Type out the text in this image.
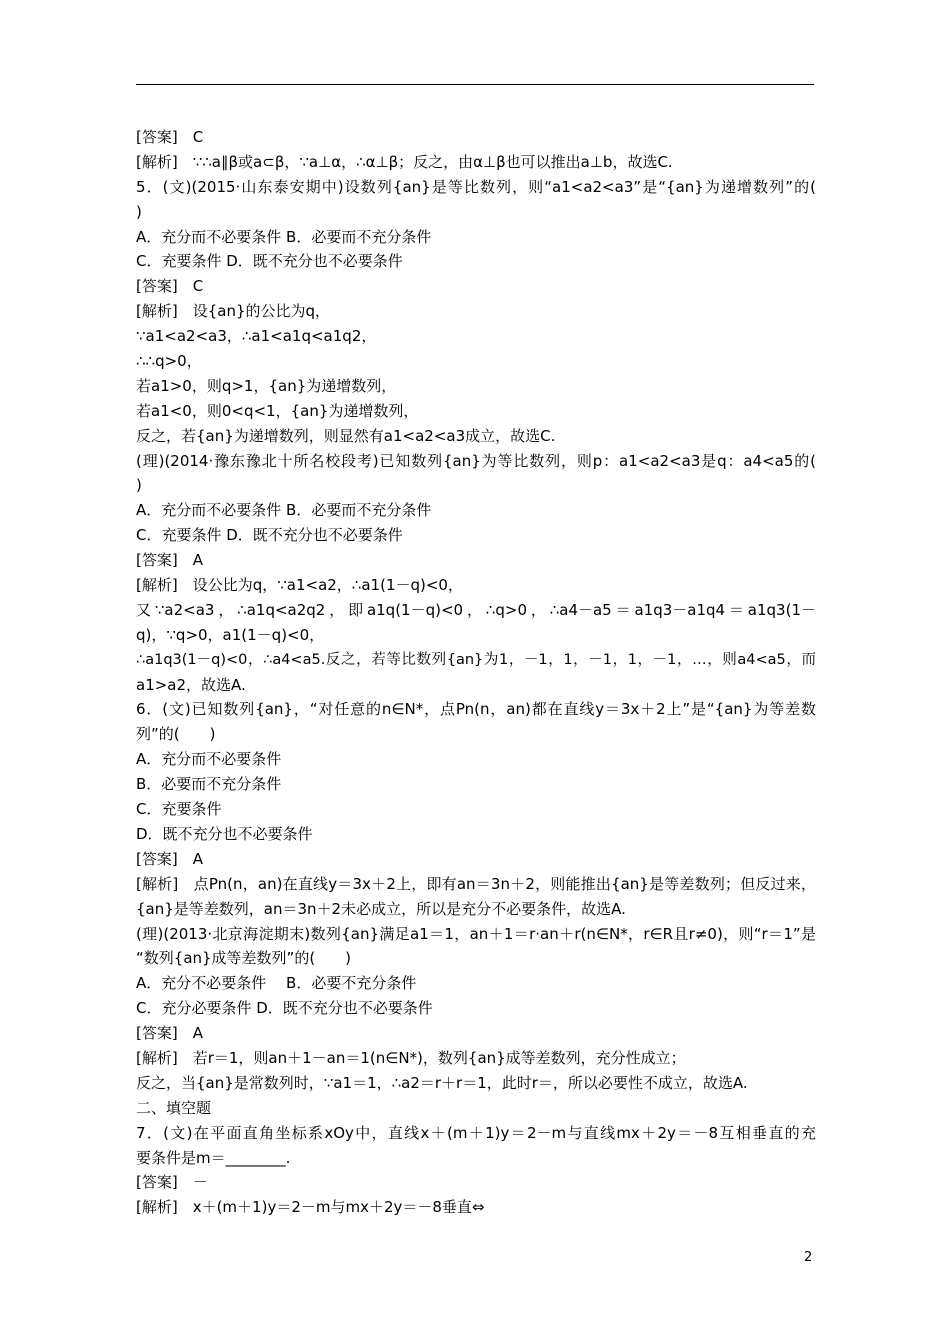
[答案]　C
[解析]　∵∴a∥β或a⊂β，∵a⊥α，∴α⊥β；反之，由α⊥β也可以推出a⊥b，故选C.
5．(文)(2015·山东泰安期中)设数列{an}是等比数列，则“a1<a2<a3”是“{an}为递增数列”的(
)
A．充分而不必要条件 B．必要而不充分条件
C．充要条件 D．既不充分也不必要条件
[答案]　C
[解析]　设{an}的公比为q，
∵a1<a2<a3，∴a1<a1q<a1q2，
∴∴q>0，
若a1>0，则q>1，{an}为递增数列，
若a1<0，则0<q<1，{an}为递增数列，
反之，若{an}为递增数列，则显然有a1<a2<a3成立，故选C.
(理)(2014·豫东豫北十所名校段考)已知数列{an}为等比数列，则p：a1<a2<a3是q：a4<a5的(
)
A．充分而不必要条件 B．必要而不充分条件
C．充要条件 D．既不充分也不必要条件
[答案]　A
[解析]　设公比为q，∵a1<a2，∴a1(1－q)<0，
又∵a2<a3，∴a1q<a2q2，即a1q(1－q)<0，∴q>0，∴a4－a5＝a1q3－a1q4＝a1q3(1－
q)，∵q>0，a1(1－q)<0，
∴a1q3(1－q)<0，∴a4<a5.反之，若等比数列{an}为1，－1，1，－1，1，－1，…，则a4<a5，而
a1>a2，故选A.
6．(文)已知数列{an}，“对任意的n∈N*，点Pn(n，an)都在直线y＝3x＋2上”是“{an}为等差数
列”的(　　)
A．充分而不必要条件
B．必要而不充分条件
C．充要条件
D．既不充分也不必要条件
[答案]　A
[解析]　点Pn(n，an)在直线y＝3x＋2上，即有an＝3n＋2，则能推出{an}是等差数列；但反过来，
{an}是等差数列，an＝3n＋2未必成立，所以是充分不必要条件，故选A.
(理)(2013·北京海淀期末)数列{an}满足a1＝1，an＋1＝r·an＋r(n∈N*，r∈R且r≠0)，则“r＝1”是
“数列{an}成等差数列”的(　　)
A．充分不必要条件　 B．必要不充分条件
C．充分必要条件 D．既不充分也不必要条件
[答案]　A
[解析]　若r＝1，则an＋1－an＝1(n∈N*)，数列{an}成等差数列，充分性成立；
反之，当{an}是常数列时，∵a1＝1，∴a2＝r＋r＝1，此时r＝，所以必要性不成立，故选A.
二、填空题
7．(文)在平面直角坐标系xOy中，直线x＋(m＋1)y＝2－m与直线mx＋2y＝－8互相垂直的充
要条件是m＝________.
[答案]　－
[解析]　x＋(m＋1)y＝2－m与mx＋2y＝－8垂直⇔
2
